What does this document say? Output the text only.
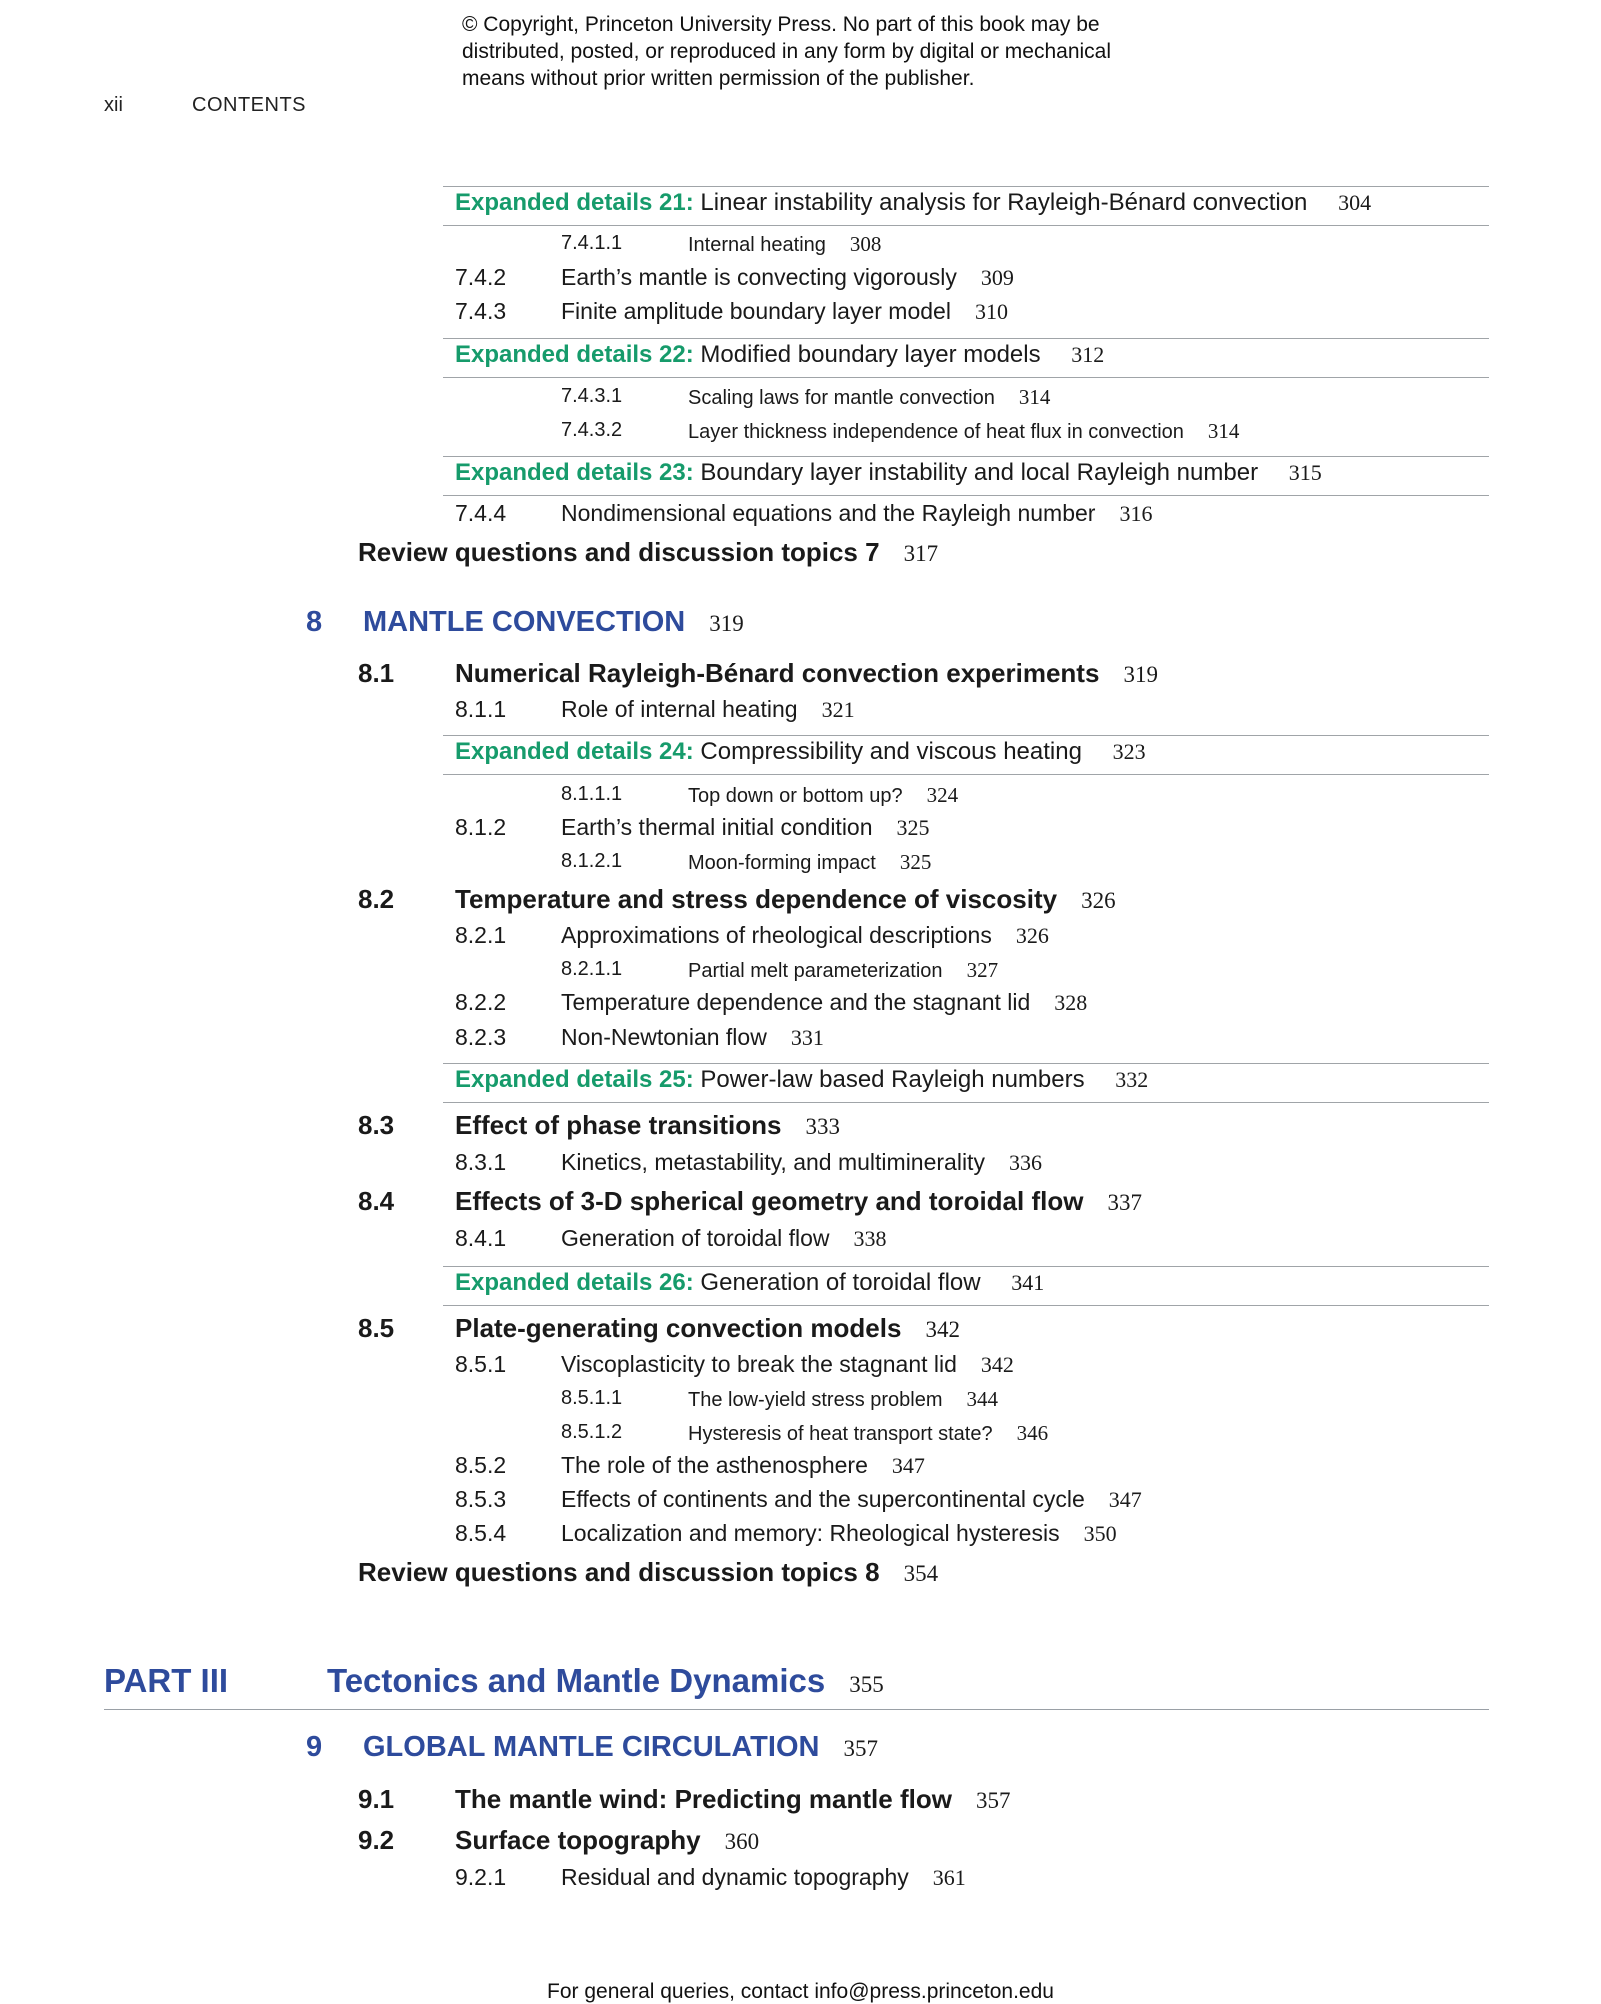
© Copyright, Princeton University Press. No part of this book may be
distributed, posted, or reproduced in any form by digital or mechanical
means without prior written permission of the publisher.
xii	CONTENTS
Expanded details 21: Linear instability analysis for Rayleigh-Bénard convection 304
7.4.1.1	Internal heating 308
7.4.2 Earth’s mantle is convecting vigorously 309
7.4.3 Finite amplitude boundary layer model 310
Expanded details 22: Modified boundary layer models 312
7.4.3.1	Scaling laws for mantle convection 314
7.4.3.2	Layer thickness independence of heat flux in convection 314
Expanded details 23: Boundary layer instability and local Rayleigh number 315
7.4.4 Nondimensional equations and the Rayleigh number 316
Review questions and discussion topics 7 317
8 MANTLE CONVECTION 319
8.1 Numerical Rayleigh-Bénard convection experiments 319
8.1.1 Role of internal heating 321
Expanded details 24: Compressibility and viscous heating 323
8.1.1.1	Top down or bottom up? 324
8.1.2 Earth’s thermal initial condition 325
8.1.2.1	Moon-forming impact 325
8.2 Temperature and stress dependence of viscosity 326
8.2.1 Approximations of rheological descriptions 326
8.2.1.1	Partial melt parameterization 327
8.2.2 Temperature dependence and the stagnant lid 328
8.2.3 Non-Newtonian flow 331
Expanded details 25: Power-law based Rayleigh numbers 332
8.3 Effect of phase transitions 333
8.3.1 Kinetics, metastability, and multiminerality 336
8.4 Effects of 3-D spherical geometry and toroidal flow 337
8.4.1 Generation of toroidal flow 338
Expanded details 26: Generation of toroidal flow 341
8.5 Plate-generating convection models 342
8.5.1 Viscoplasticity to break the stagnant lid 342
8.5.1.1	The low-yield stress problem 344
8.5.1.2	Hysteresis of heat transport state? 346
8.5.2 The role of the asthenosphere 347
8.5.3 Effects of continents and the supercontinental cycle 347
8.5.4 Localization and memory: Rheological hysteresis 350
Review questions and discussion topics 8 354
PART III	Tectonics and Mantle Dynamics 355
9 GLOBAL MANTLE CIRCULATION 357
9.1 The mantle wind: Predicting mantle flow 357
9.2 Surface topography 360
9.2.1 Residual and dynamic topography 361
For general queries, contact info@press.princeton.edu
